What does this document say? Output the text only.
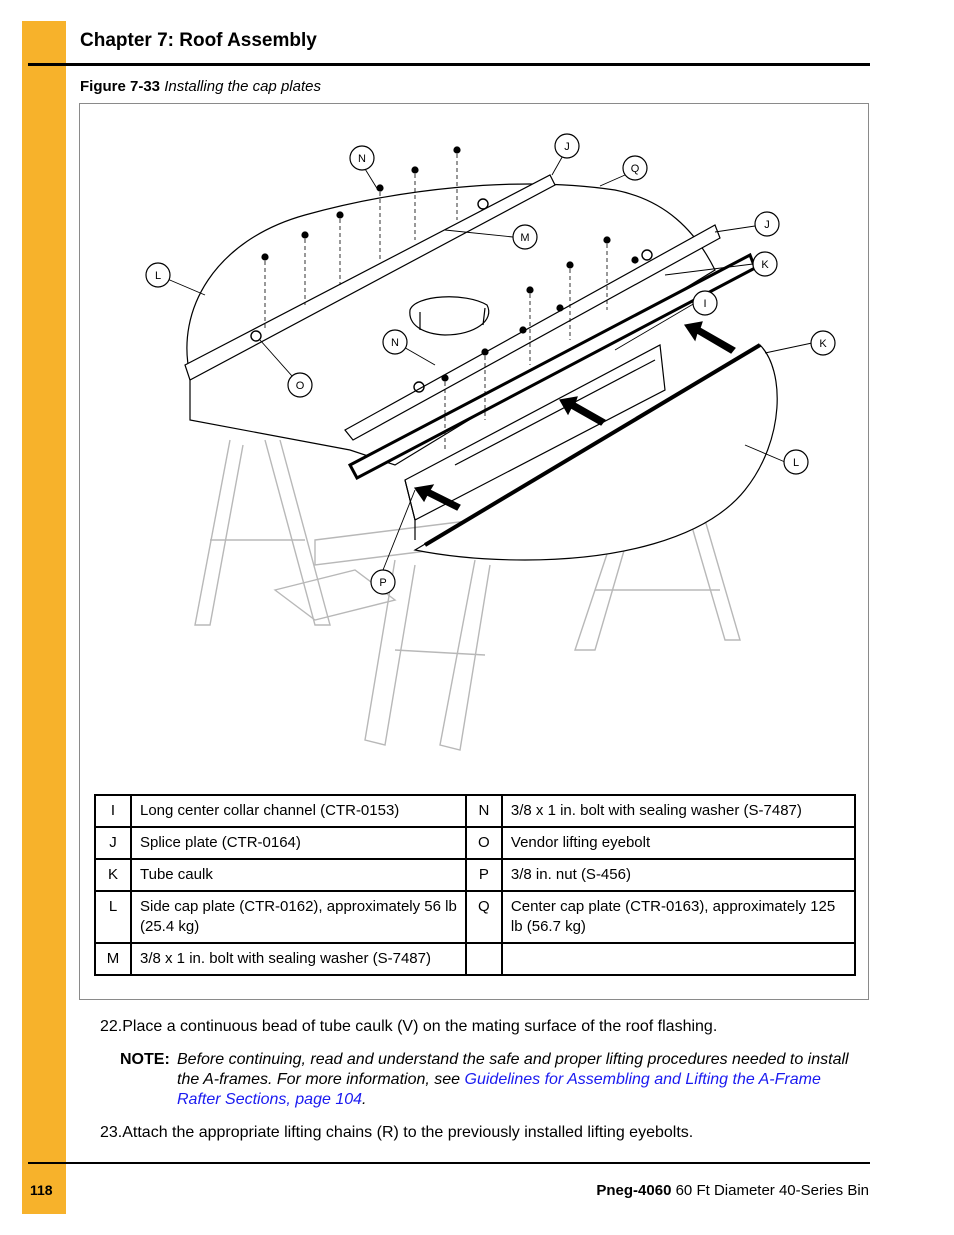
Chapter 7: Roof Assembly
Figure 7-33 Installing the cap plates
N
J
Q
M
J
K
L
I
N	K
O
L
P
I	Long center collar channel (CTR-0153)	N	3/8 x 1 in. bolt with sealing washer (S-7487)
J	Splice plate (CTR-0164)	O	Vendor lifting eyebolt
K	Tube caulk	P	3/8 in. nut (S-456)
L	Side cap plate (CTR-0162), approximately 56 lb (25.4 kg)	Q	Center cap plate (CTR-0163), approximately 125 lb (56.7 kg)
M	3/8 x 1 in. bolt with sealing washer (S-7487)		
22.Place a continuous bead of tube caulk (V) on the mating surface of the roof flashing.
NOTE: Before continuing, read and understand the safe and proper lifting procedures needed to install the A-frames. For more information, see Guidelines for Assembling and Lifting the A-Frame Rafter Sections, page 104.
23.Attach the appropriate lifting chains (R) to the previously installed lifting eyebolts.
118	Pneg-4060 60 Ft Diameter 40-Series Bin
